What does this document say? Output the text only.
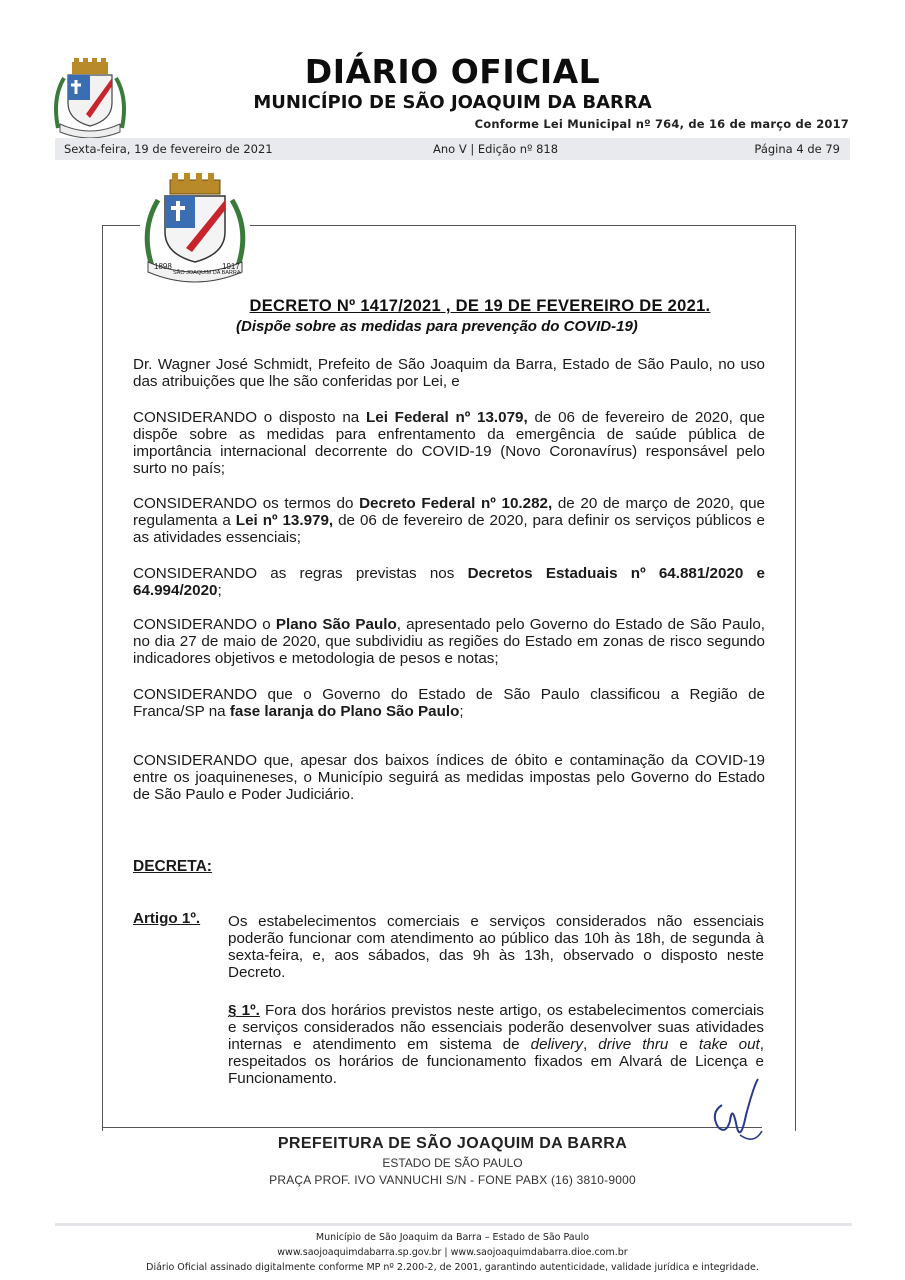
DIÁRIO OFICIAL
MUNICÍPIO DE SÃO JOAQUIM DA BARRA
Conforme Lei Municipal nº 764, de 16 de março de 2017
Sexta-feira, 19 de fevereiro de 2021	Ano V | Edição nº 818	Página 4 de 79
1898	1917
SÃO JOAQUIM DA BARRA
DECRETO Nº 1417/2021 , DE 19 DE FEVEREIRO DE 2021.
(Dispõe sobre as medidas para prevenção do COVID-19)
Dr. Wagner José Schmidt, Prefeito de São Joaquim da Barra, Estado de São Paulo, no uso das atribuições que lhe são conferidas por Lei, e
CONSIDERANDO o disposto na Lei Federal nº 13.079, de 06 de fevereiro de 2020, que dispõe sobre as medidas para enfrentamento da emergência de saúde pública de importância internacional decorrente do COVID-19 (Novo Coronavírus) responsável pelo surto no país;
CONSIDERANDO os termos do Decreto Federal nº 10.282, de 20 de março de 2020, que regulamenta a Lei nº 13.979, de 06 de fevereiro de 2020, para definir os serviços públicos e as atividades essenciais;
CONSIDERANDO as regras previstas nos Decretos Estaduais nº 64.881/2020 e 64.994/2020;
CONSIDERANDO o Plano São Paulo, apresentado pelo Governo do Estado de São Paulo, no dia 27 de maio de 2020, que subdividiu as regiões do Estado em zonas de risco segundo indicadores objetivos e metodologia de pesos e notas;
CONSIDERANDO que o Governo do Estado de São Paulo classificou a Região de Franca/SP na fase laranja do Plano São Paulo;
CONSIDERANDO que, apesar dos baixos índices de óbito e contaminação da COVID-19 entre os joaquineneses, o Município seguirá as medidas impostas pelo Governo do Estado de São Paulo e Poder Judiciário.
DECRETA:
Artigo 1º. Os estabelecimentos comerciais e serviços considerados não essenciais poderão funcionar com atendimento ao público das 10h às 18h, de segunda à sexta-feira, e, aos sábados, das 9h às 13h, observado o disposto neste Decreto.
§ 1º. Fora dos horários previstos neste artigo, os estabelecimentos comerciais e serviços considerados não essenciais poderão desenvolver suas atividades internas e atendimento em sistema de delivery, drive thru e take out, respeitados os horários de funcionamento fixados em Alvará de Licença e Funcionamento.
PREFEITURA DE SÃO JOAQUIM DA BARRA
ESTADO DE SÃO PAULO
PRAÇA PROF. IVO VANNUCHI S/N - FONE PABX (16) 3810-9000
Município de São Joaquim da Barra – Estado de São Paulo
www.saojoaquimdabarra.sp.gov.br | www.saojoaquimdabarra.dioe.com.br
Diário Oficial assinado digitalmente conforme MP nº 2.200-2, de 2001, garantindo autenticidade, validade jurídica e integridade.
